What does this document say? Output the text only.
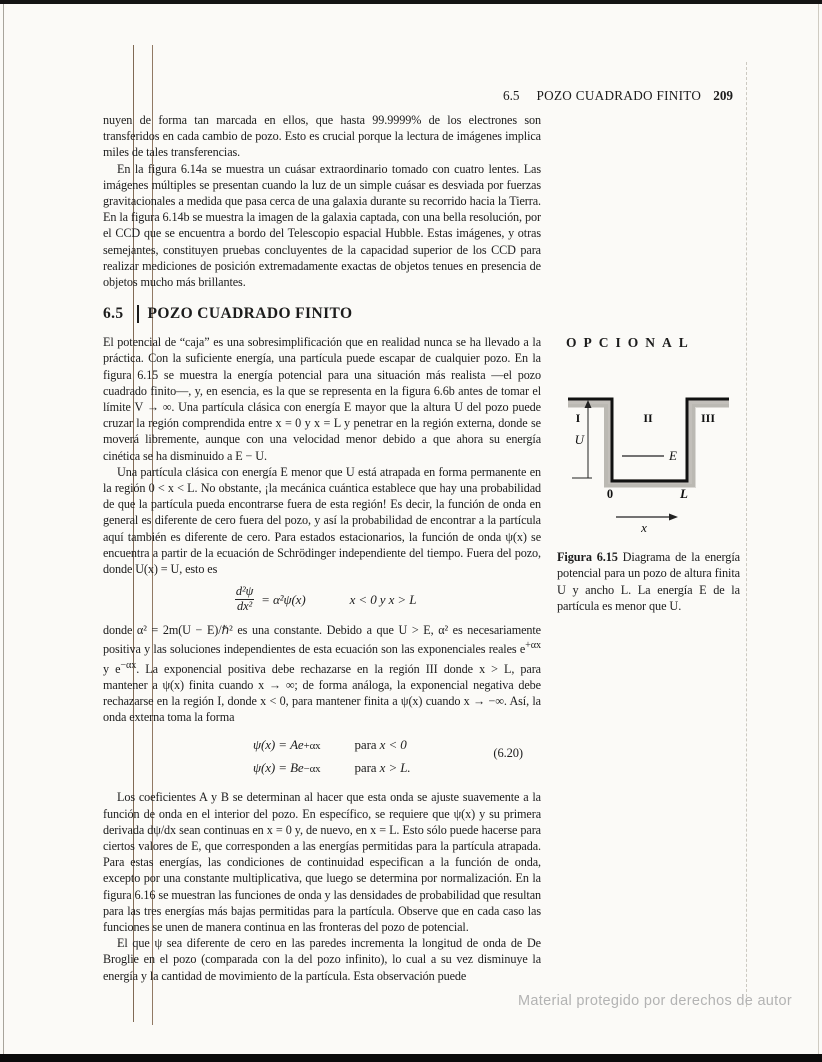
6.5 POZO CUADRADO FINITO 209

nuyen de forma tan marcada en ellos, que hasta 99.9999% de los electrones son transferidos en cada cambio de pozo. Esto es crucial porque la lectura de imágenes implica miles de tales transferencias.

En la figura 6.14a se muestra un cuásar extraordinario tomado con cuatro lentes. Las imágenes múltiples se presentan cuando la luz de un simple cuásar es desviada por fuerzas gravitacionales a medida que pasa cerca de una galaxia durante su recorrido hacia la Tierra. En la figura 6.14b se muestra la imagen de la galaxia captada, con una bella resolución, por el CCD que se encuentra a bordo del Telescopio espacial Hubble. Estas imágenes, y otras semejantes, constituyen pruebas concluyentes de la capacidad superior de los CCD para realizar mediciones de posición extremadamente exactas de objetos tenues en presencia de objetos mucho más brillantes.

6.5	POZO CUADRADO FINITO

El potencial de “caja” es una sobresimplificación que en realidad nunca se ha llevado a la práctica. Con la suficiente energía, una partícula puede escapar de cualquier pozo. En la figura 6.15 se muestra la energía potencial para una situación más realista —el pozo cuadrado finito—, y, en esencia, es la que se representa en la figura 6.6b antes de tomar el límite V → ∞. Una partícula clásica con energía E mayor que la altura U del pozo puede cruzar la región comprendida entre x = 0 y x = L y penetrar en la región externa, donde se moverá libremente, aunque con una velocidad menor debido a que ahora su energía cinética se ha disminuido a E − U.

Una partícula clásica con energía E menor que U está atrapada en forma permanente en la región 0 < x < L. No obstante, ¡la mecánica cuántica establece que hay una probabilidad de que la partícula pueda encontrarse fuera de esta región! Es decir, la función de onda en general es diferente de cero fuera del pozo, y así la probabilidad de encontrar a la partícula aquí también es diferente de cero. Para estados estacionarios, la función de onda ψ(x) se encuentra a partir de la ecuación de Schrödinger independiente del tiempo. Fuera del pozo, donde U(x) = U, esto es

$\frac{\text{d²ψ}}{\text{dx²}} = \alpha^2\psi(x)$	x < 0 y x > L

donde α² = 2m(U − E)/ℏ² es una constante. Debido a que U > E, α² es necesariamente positiva y las soluciones independientes de esta ecuación son las exponenciales reales $e^{+\alpha x}$ y $e^{-\alpha x}$. La exponencial positiva debe rechazarse en la región III donde x > L, para mantener a ψ(x) finita cuando x → ∞; de forma análoga, la exponencial negativa debe rechazarse en la región I, donde x < 0, para mantener finita a ψ(x) cuando x → −∞. Así, la onda externa toma la forma

ψ(x) = Ae +αx	para x < 0
ψ(x) = Be −αx	para x > L.
(6.20)

Los coeficientes A y B se determinan al hacer que esta onda se ajuste suavemente a la función de onda en el interior del pozo. En específico, se requiere que ψ(x) y su primera derivada dψ/dx sean continuas en x = 0 y, de nuevo, en x = L. Esto sólo puede hacerse para ciertos valores de E, que corresponden a las energías permitidas para la partícula atrapada. Para estas energías, las condiciones de continuidad especifican a la función de onda, excepto por una constante multiplicativa, que luego se determina por normalización. En la figura 6.16 se muestran las funciones de onda y las densidades de probabilidad que resultan para las tres energías más bajas permitidas para la partícula. Observe que en cada caso las funciones se unen de manera continua en las fronteras del pozo de potencial.

El que ψ sea diferente de cero en las paredes incrementa la longitud de onda de De Broglie en el pozo (comparada con la del pozo infinito), lo cual a su vez disminuye la energía y la cantidad de movimiento de la partícula. Esta observación puede

OPCIONAL
I	II	III
U
E
0	L
x
Figura 6.15 Diagrama de la energía potencial para un pozo de altura finita U y ancho L. La energía E de la partícula es menor que U.
Material protegido por derechos de autor
